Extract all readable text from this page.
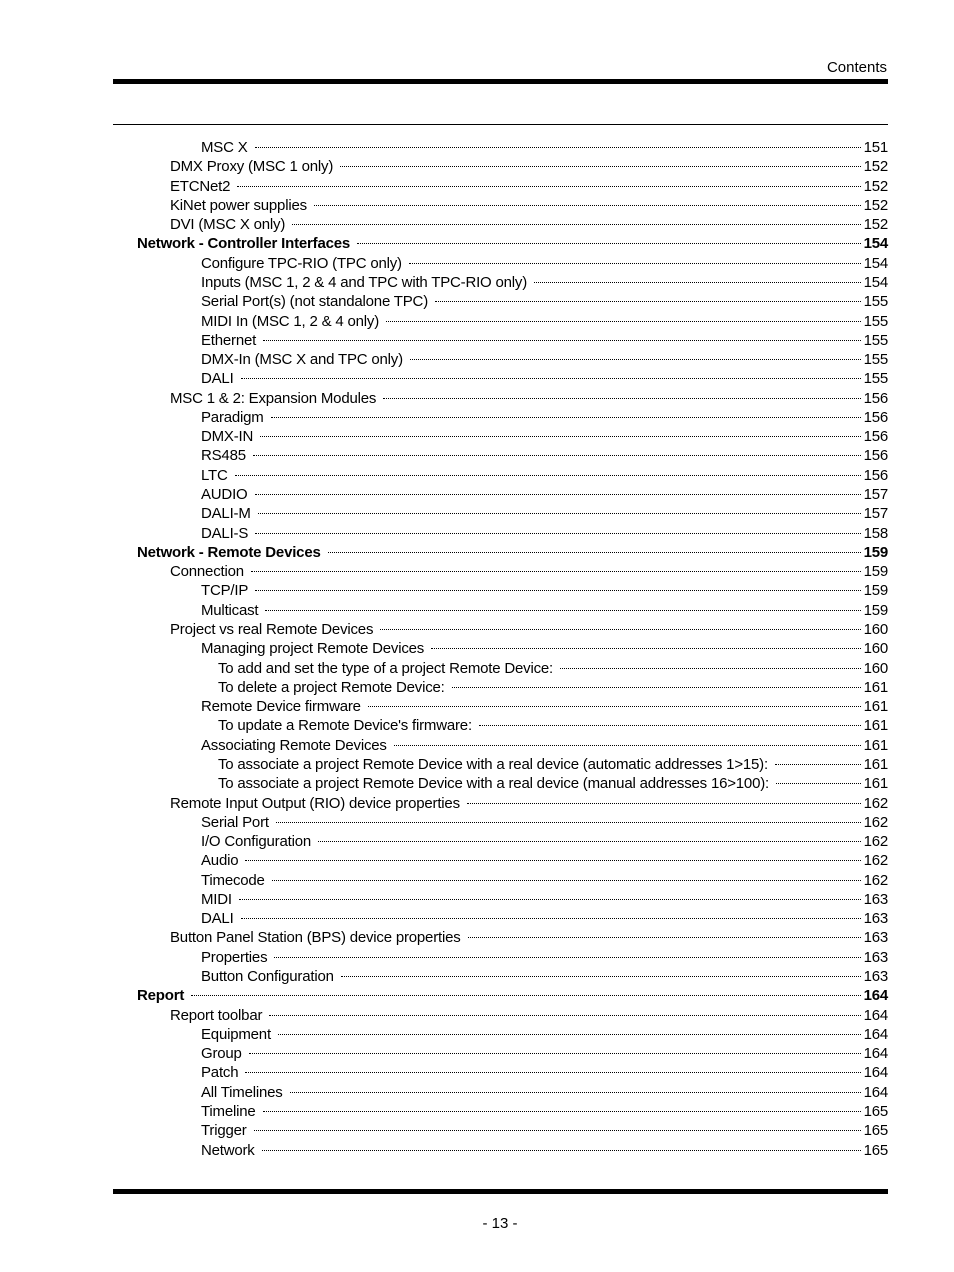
Contents
MSC X	151
DMX Proxy (MSC 1 only)	152
ETCNet2	152
KiNet power supplies	152
DVI (MSC X only)	152
Network - Controller Interfaces	154
Configure TPC-RIO (TPC only)	154
Inputs (MSC 1, 2 & 4 and TPC with TPC-RIO only)	154
Serial Port(s) (not standalone TPC)	155
MIDI In (MSC 1, 2 & 4 only)	155
Ethernet	155
DMX-In (MSC X and TPC only)	155
DALI	155
MSC 1 & 2: Expansion Modules	156
Paradigm	156
DMX-IN	156
RS485	156
LTC	156
AUDIO	157
DALI-M	157
DALI-S	158
Network - Remote Devices	159
Connection	159
TCP/IP	159
Multicast	159
Project vs real Remote Devices	160
Managing project Remote Devices	160
To add and set the type of a project Remote Device:	160
To delete a project Remote Device:	161
Remote Device firmware	161
To update a Remote Device's firmware:	161
Associating Remote Devices	161
To associate a project Remote Device with a real device (automatic addresses 1>15):	161
To associate a project Remote Device with a real device (manual addresses 16>100):	161
Remote Input Output (RIO) device properties	162
Serial Port	162
I/O Configuration	162
Audio	162
Timecode	162
MIDI	163
DALI	163
Button Panel Station (BPS) device properties	163
Properties	163
Button Configuration	163
Report	164
Report toolbar	164
Equipment	164
Group	164
Patch	164
All Timelines	164
Timeline	165
Trigger	165
Network	165
- 13 -
